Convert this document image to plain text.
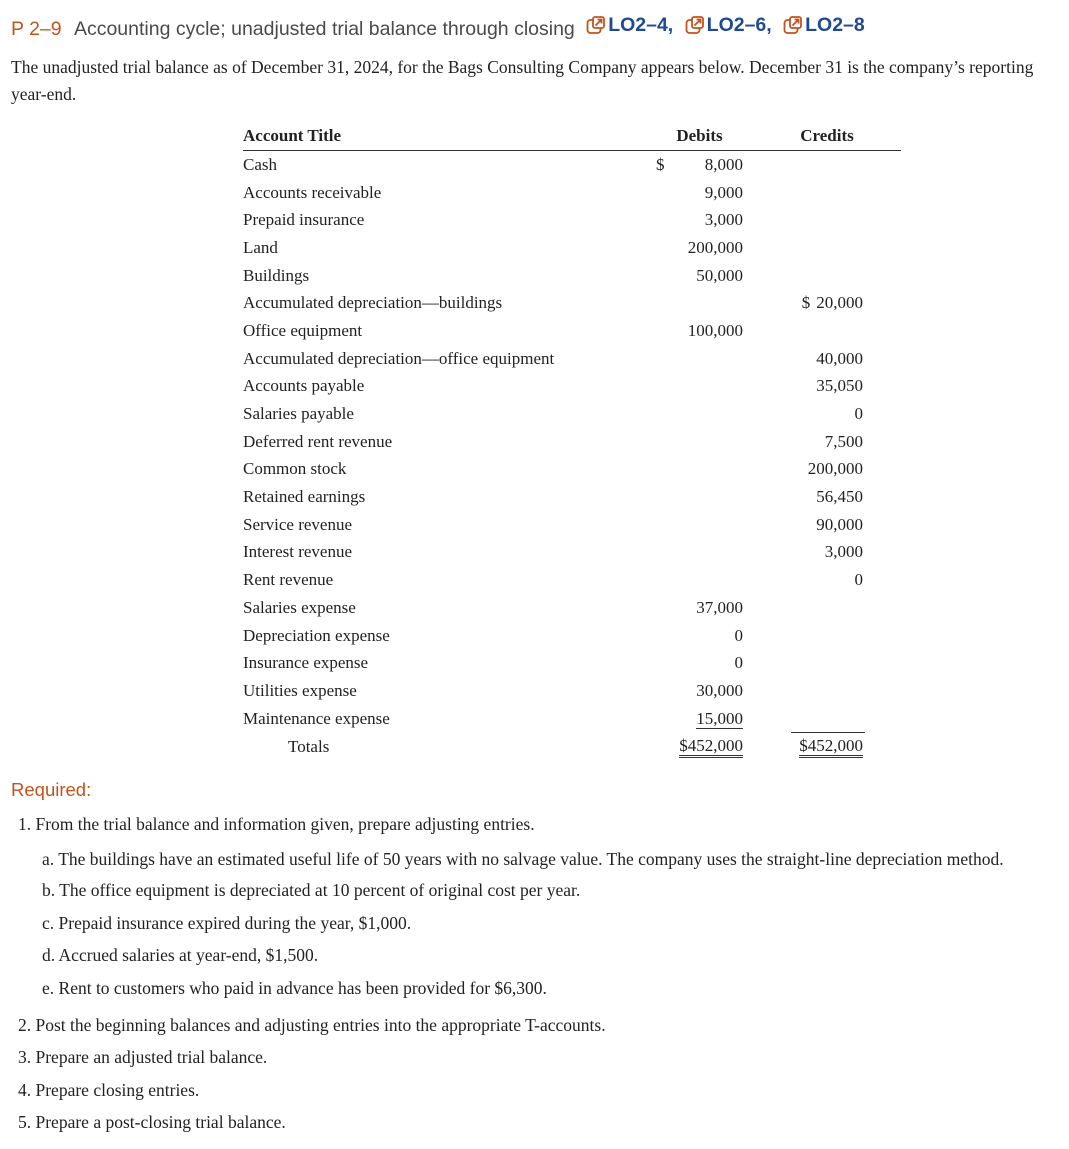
P 2–9 Accounting cycle; unadjusted trial balance through closing LO2–4,
LO2–6,
LO2–8
The unadjusted trial balance as of December 31, 2024, for the Bags Consulting Company appears below. December 31 is the company’s reporting year-end.
Account Title	Debits		Credits	
Cash	$ 8,000			

Accounts receivable	9,000			
Prepaid insurance	3,000			
Land	200,000			
Buildings	50,000			
Accumulated depreciation—buildings			$ 20,000	

Office equipment	100,000			
Accumulated depreciation—office equipment			40,000	
Accounts payable			35,050	
Salaries payable			0	
Deferred rent revenue			7,500	
Common stock			200,000	
Retained earnings			56,450	
Service revenue			90,000	
Interest revenue			3,000	
Rent revenue			0	
Salaries expense	37,000			
Depreciation expense	0			
Insurance expense	0			
Utilities expense	30,000			
Maintenance expense	15,000			
Totals	$452,000		$452,000	
Required:
1. From the trial balance and information given, prepare adjusting entries.
a. The buildings have an estimated useful life of 50 years with no salvage value. The company uses the straight-line depreciation method.
b. The office equipment is depreciated at 10 percent of original cost per year.
c. Prepaid insurance expired during the year, $1,000.
d. Accrued salaries at year-end, $1,500.
e. Rent to customers who paid in advance has been provided for $6,300.
2. Post the beginning balances and adjusting entries into the appropriate T-accounts.
3. Prepare an adjusted trial balance.
4. Prepare closing entries.
5. Prepare a post-closing trial balance.
